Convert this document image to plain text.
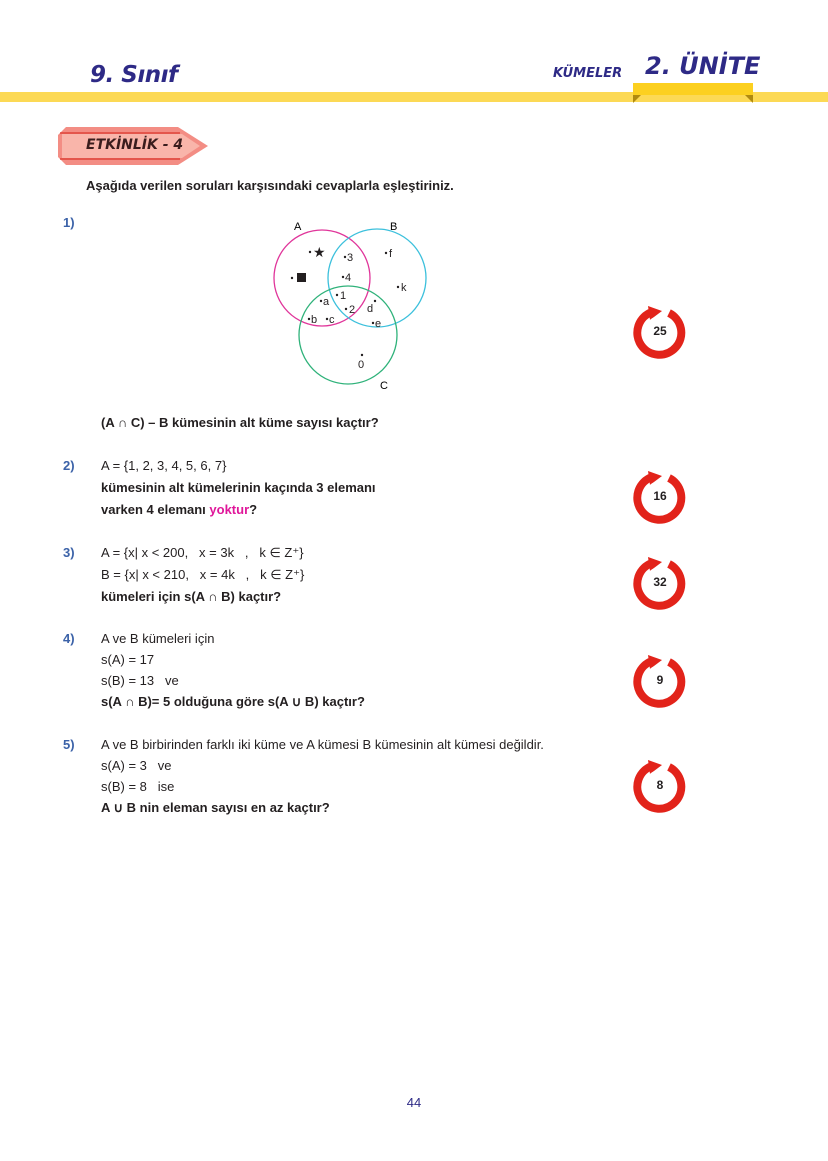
9. Sınıf	KÜMELER 2. ÜNİTE
ETKİNLİK - 4
Aşağıda verilen soruları karşısındaki cevaplarla eşleştiriniz.
1)	A	B
C
★ 3
4
f
k
a 1
2 d
b c	e
0
(A ∩ C) – B kümesinin alt küme sayısı kaçtır?
2) A = {1, 2, 3, 4, 5, 6, 7}
kümesinin alt kümelerinin kaçında 3 elemanı
varken 4 elemanı yoktur?
3) A = {x| x < 200,   x = 3k   ,   k ∈ Z⁺}
B = {x| x < 210,   x = 4k   ,   k ∈ Z⁺}
kümeleri için s(A ∩ B) kaçtır?
4) A ve B kümeleri için
s(A) = 17
s(B) = 13   ve
s(A ∩ B)= 5 olduğuna göre s(A ∪ B) kaçtır?
5) A ve B birbirinden farklı iki küme ve A kümesi B kümesinin alt kümesi değildir.
s(A) = 3   ve
s(B) = 8   ise
A ∪ B nin eleman sayısı en az kaçtır?
25
16
32
9
8
44
